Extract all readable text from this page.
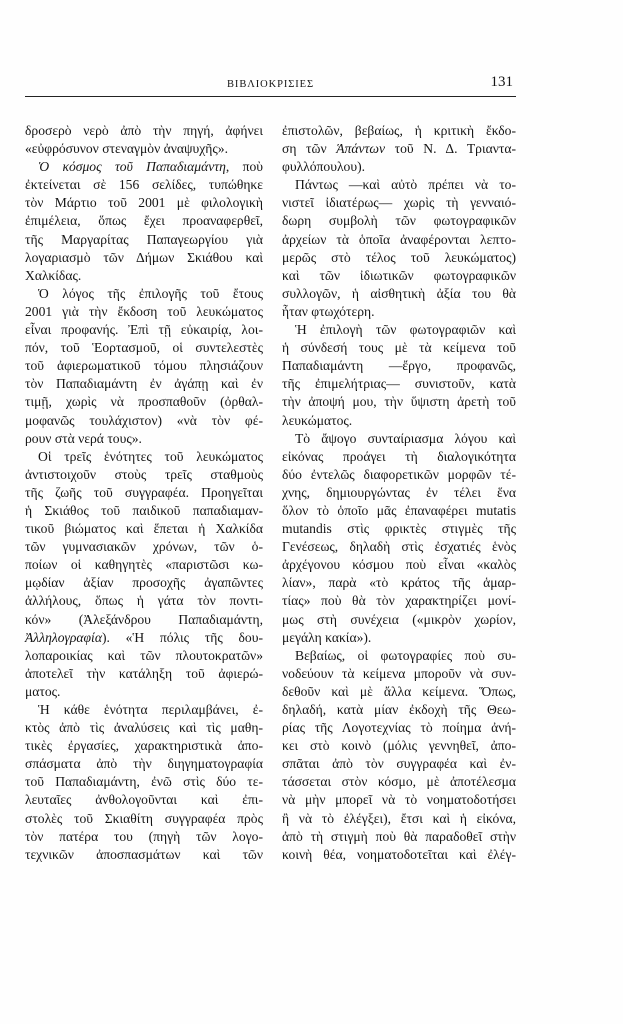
ΒΙΒΛΙΟΚΡΙΣΙΕΣ	131
δροσερὸ νερὸ ἀπὸ τὴν πηγή, ἀφήνει
«εὐφρόσυνον στεναγμὸν ἀναψυχῆς».
Ὁ κόσμος τοῦ Παπαδιαμάντη, ποὺ
ἐκτείνεται σὲ 156 σελίδες, τυπώθηκε
τὸν Μάρτιο τοῦ 2001 μὲ φιλολογικὴ
ἐπιμέλεια, ὅπως ἔχει προαναφερθεῖ,
τῆς Μαργαρίτας Παπαγεωργίου γιὰ
λογαριασμὸ τῶν Δήμων Σκιάθου καὶ
Χαλκίδας.
Ὁ λόγος τῆς ἐπιλογῆς τοῦ ἔτους
2001 γιὰ τὴν ἔκδοση τοῦ λευκώματος
εἶναι προφανής. Ἐπὶ τῇ εὐκαιρίᾳ, λοι-
πόν, τοῦ Ἑορτασμοῦ, οἱ συντελεστὲς
τοῦ ἀφιερωματικοῦ τόμου πλησιάζουν
τὸν Παπαδιαμάντη ἐν ἀγάπῃ καὶ ἐν
τιμῇ, χωρὶς νὰ προσπαθοῦν (ὀρθαλ-
μοφανῶς τουλάχιστον) «νὰ τὸν φέ-
ρουν στὰ νερά τους».
Οἱ τρεῖς ἑνότητες τοῦ λευκώματος
ἀντιστοιχοῦν στοὺς τρεῖς σταθμοὺς
τῆς ζωῆς τοῦ συγγραφέα. Προηγεῖται
ἡ Σκιάθος τοῦ παιδικοῦ παπαδιαμαν-
τικοῦ βιώματος καὶ ἕπεται ἡ Χαλκίδα
τῶν γυμνασιακῶν χρόνων, τῶν ὁ-
ποίων οἱ καθηγητὲς «παριστῶσι κω-
μῳδίαν ἀξίαν προσοχῆς ἀγαπῶντες
ἀλλήλους, ὅπως ἡ γάτα τὸν ποντι-
κόν» (Ἀλεξάνδρου Παπαδιαμάντη,
Ἀλληλογραφία). «Ἡ πόλις τῆς δου-
λοπαροικίας καὶ τῶν πλουτοκρατῶν»
ἀποτελεῖ τὴν κατάληξη τοῦ ἀφιερώ-
ματος.
Ἡ κάθε ἑνότητα περιλαμβάνει, ἐ-
κτὸς ἀπὸ τὶς ἀναλύσεις καὶ τὶς μαθη-
τικὲς ἐργασίες, χαρακτηριστικὰ ἀπο-
σπάσματα ἀπὸ τὴν διηγηματογραφία
τοῦ Παπαδιαμάντη, ἐνῶ στὶς δύο τε-
λευταῖες ἀνθολογοῦνται καὶ ἐπι-
στολὲς τοῦ Σκιαθίτη συγγραφέα πρὸς
τὸν πατέρα του (πηγὴ τῶν λογο-
τεχνικῶν ἀποσπασμάτων καὶ τῶν
ἐπιστολῶν, βεβαίως, ἡ κριτικὴ ἔκδο-
ση τῶν Ἁπάντων τοῦ Ν. Δ. Τριαντα-
φυλλόπουλου).
Πάντως —καὶ αὐτὸ πρέπει νὰ το-
νιστεῖ ἰδιατέρως— χωρὶς τὴ γενναιό-
δωρη συμβολὴ τῶν φωτογραφικῶν
ἀρχείων τὰ ὁποῖα ἀναφέρονται λεπτο-
μερῶς στὸ τέλος τοῦ λευκώματος)
καὶ τῶν ἰδιωτικῶν φωτογραφικῶν
συλλογῶν, ἡ αἰσθητικὴ ἀξία του θὰ
ἦταν φτωχότερη.
Ἡ ἐπιλογὴ τῶν φωτογραφιῶν καὶ
ἡ σύνδεσή τους μὲ τὰ κείμενα τοῦ
Παπαδιαμάντη —ἔργο, προφανῶς,
τῆς ἐπιμελήτριας— συνιστοῦν, κατὰ
τὴν ἀποψή μου, τὴν ὕψιστη ἀρετὴ τοῦ
λευκώματος.
Τὸ ἄψογο συνταίριασμα λόγου καὶ
εἰκόνας προάγει τὴ διαλογικότητα
δύο ἐντελῶς διαφορετικῶν μορφῶν τέ-
χνης, δημιουργώντας ἐν τέλει ἕνα
ὅλον τὸ ὁποῖο μᾶς ἐπαναφέρει mutatis
mutandis στὶς φρικτὲς στιγμὲς τῆς
Γενέσεως, δηλαδὴ στὶς ἐσχατιές ἑνὸς
ἀρχέγονου κόσμου ποὺ εἶναι «καλὸς
λίαν», παρὰ «τὸ κράτος τῆς ἁμαρ-
τίας» ποὺ θὰ τὸν χαρακτηρίζει μονί-
μως στὴ συνέχεια («μικρὸν χωρίον,
μεγάλη κακία»).
Βεβαίως, οἱ φωτογραφίες ποὺ συ-
νοδεύουν τὰ κείμενα μποροῦν νὰ συν-
δεθοῦν καὶ μὲ ἄλλα κείμενα. Ὅπως,
δηλαδή, κατὰ μίαν ἐκδοχὴ τῆς Θεω-
ρίας τῆς Λογοτεχνίας τὸ ποίημα ἀνή-
κει στὸ κοινὸ (μόλις γεννηθεῖ, ἀπο-
σπᾶται ἀπὸ τὸν συγγραφέα καὶ ἐν-
τάσσεται στὸν κόσμο, μὲ ἀποτέλεσμα
νὰ μὴν μπορεῖ νὰ τὸ νοηματοδοτήσει
ἢ νὰ τὸ ἐλέγξει), ἔτσι καὶ ἡ εἰκόνα,
ἀπὸ τὴ στιγμὴ ποὺ θὰ παραδοθεῖ στὴν
κοινὴ θέα, νοηματοδοτεῖται καὶ ἐλέγ-
